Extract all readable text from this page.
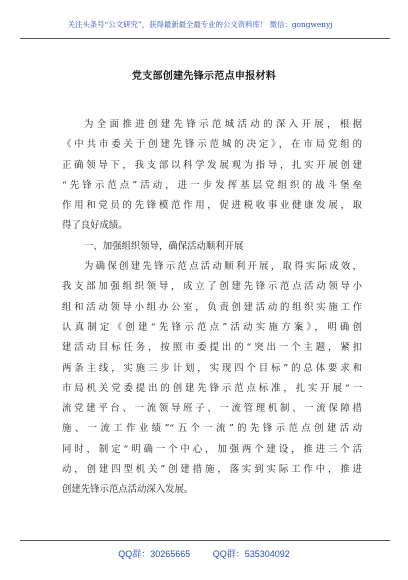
关注头条号“公文研究”，获得最新最全最专业的公文资料库！ 微信：gongwenyj
党支部创建先锋示范点申报材料
为全面推进创建先锋示范城活动的深入开展，根据
《中共市委关于创建先锋示范城的决定》，在市局党组的
正确领导下，我支部以科学发展观为指导，扎实开展创建
“先锋示范点”活动，进一步发挥基层党组织的战斗堡垒
作用和党员的先锋模范作用，促进税收事业健康发展，取
得了良好成绩。
一、加强组织领导，确保活动顺利开展
为确保创建先锋示范点活动顺利开展，取得实际成效，
我支部加强组织领导，成立了创建先锋示范点活动领导小
组和活动领导小组办公室，负责创建活动的组织实施工作
认真制定《创建“先锋示范点”活动实施方案》，明确创
建活动目标任务，按照市委提出的“突出一个主题，紧扣
两条主线，实施三步计划，实现四个目标”的总体要求和
市局机关党委提出的创建先锋示范点标准，扎实开展“一
流党建平台、一流领导班子、一流管理机制、一流保障措
施、一流工作业绩”“五个一流”的先锋示范点创建活动
同时，制定“明确一个中心，加强两个建设，推进三个活
动，创建四型机关”创建措施，落实到实际工作中，推进
创建先锋示范点活动深入发展。
QQ群：30265665	QQ群：535304092
